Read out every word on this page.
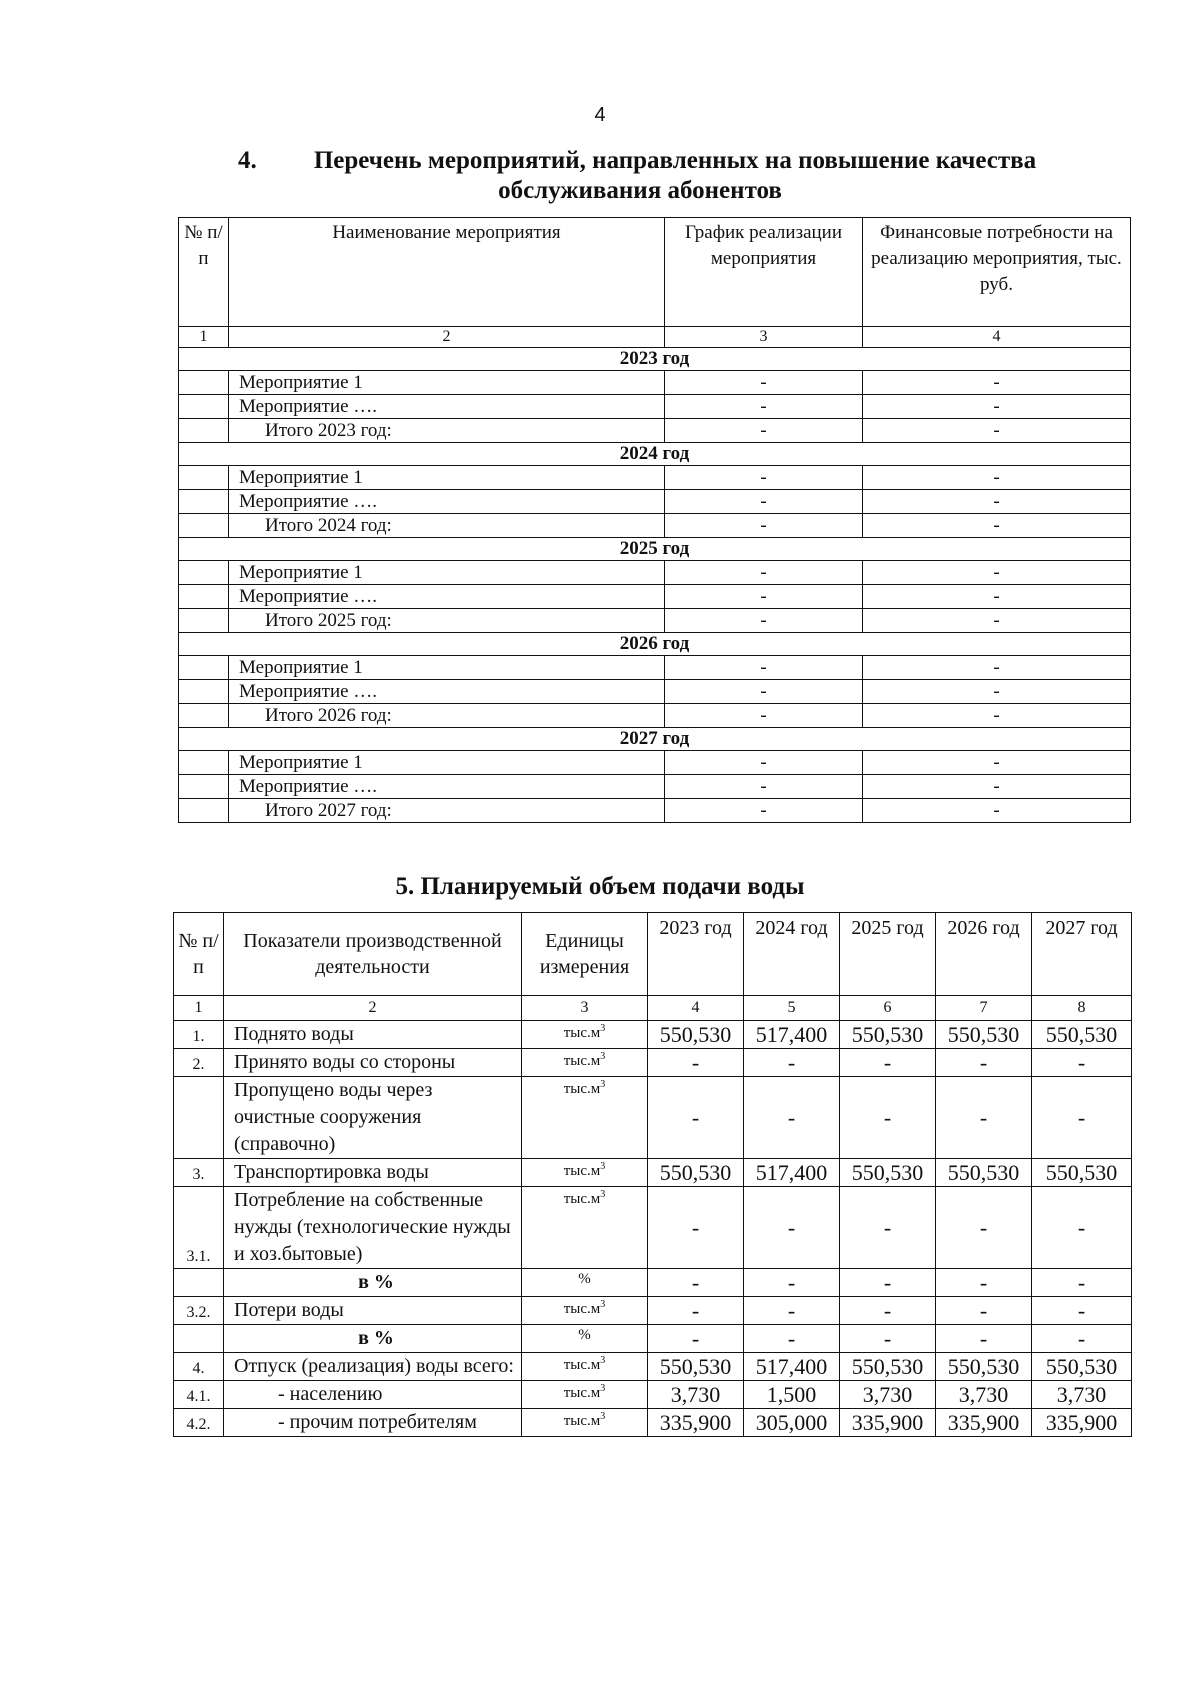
4
4.	Перечень мероприятий, направленных на повышение качества
обслуживания абонентов
№ п/п	Наименование мероприятия	График реализации мероприятия	Финансовые потребности на реализацию мероприятия, тыс. руб.
1	2	3	4
2023 год			
	Мероприятие 1	-	-
	Мероприятие ….	-	-
	Итого 2023 год:	-	-
2024 год			
	Мероприятие 1	-	-
	Мероприятие ….	-	-
	Итого 2024 год:	-	-
2025 год			
	Мероприятие 1	-	-
	Мероприятие ….	-	-
	Итого 2025 год:	-	-
2026 год			
	Мероприятие 1	-	-
	Мероприятие ….	-	-
	Итого 2026 год:	-	-
2027 год			
	Мероприятие 1	-	-
	Мероприятие ….	-	-
	Итого 2027 год:	-	-
5. Планируемый объем подачи воды
№ п/п	Показатели производственной деятельности	Единицы измерения	2023 год	2024 год	2025 год	2026 год	2027 год
1	2	3	4	5	6	7	8
1.	Поднято воды	$тыс.м^3$	550,530	517,400	550,530	550,530	550,530
2.	Принято воды со стороны	$тыс.м^3$	-	-	-	-	-
	Пропущено воды через очистные сооружения (справочно)	$тыс.м^3$	-	-	-	-	-
3.	Транспортировка воды	$тыс.м^3$	550,530	517,400	550,530	550,530	550,530
3.1.	Потребление на собственные нужды (технологические нужды и хоз.бытовые)	$тыс.м^3$	-	-	-	-	-
	в %	%	-	-	-	-	-
3.2.	Потери воды	$тыс.м^3$	-	-	-	-	-
	в %	%	-	-	-	-	-
4.	Отпуск (реализация) воды всего:	$тыс.м^3$	550,530	517,400	550,530	550,530	550,530
4.1.	- населению	$тыс.м^3$	3,730	1,500	3,730	3,730	3,730
4.2.	- прочим потребителям	$тыс.м^3$	335,900	305,000	335,900	335,900	335,900
